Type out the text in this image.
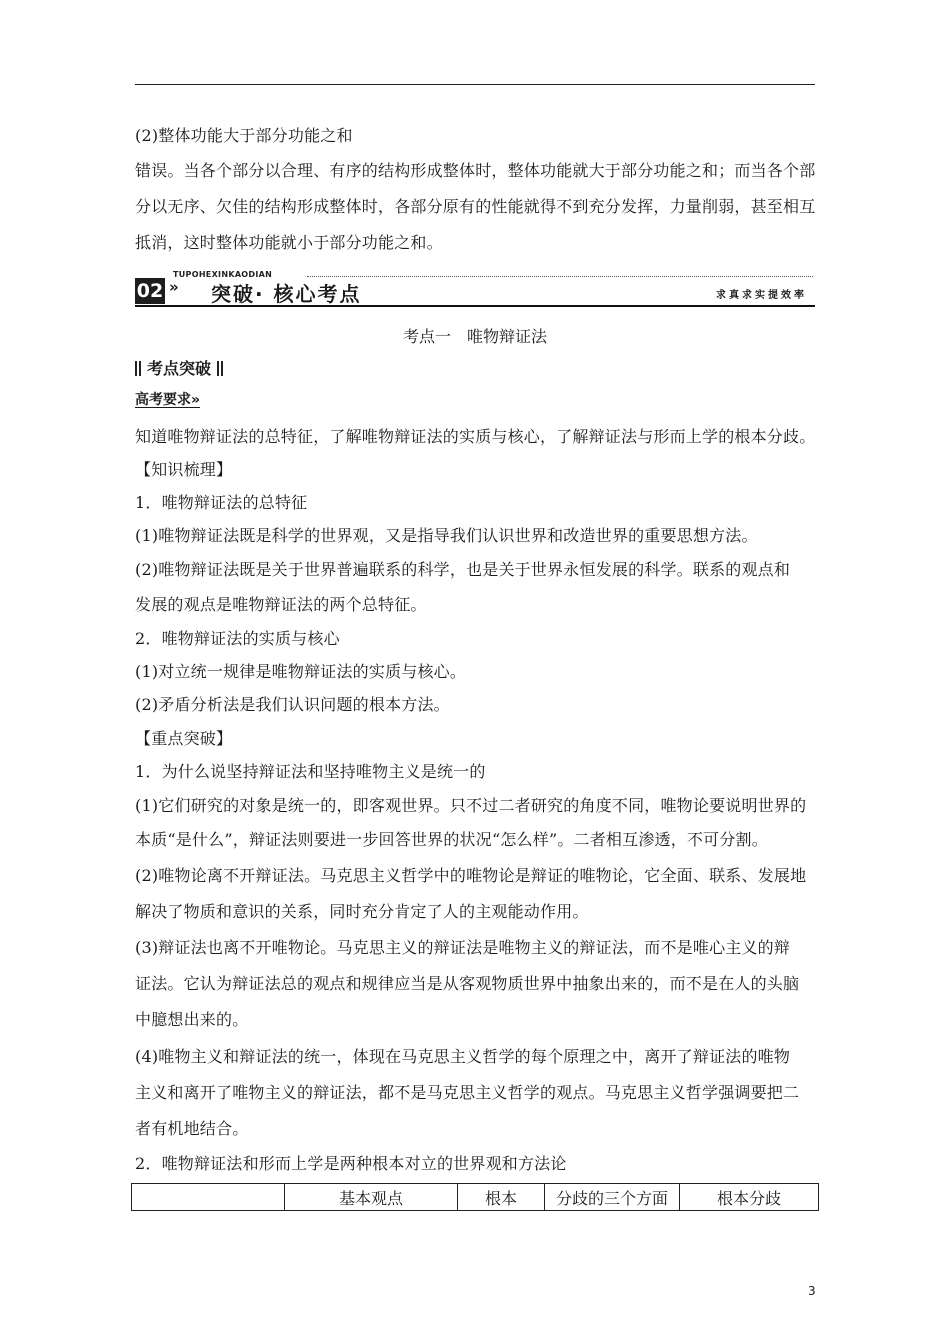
(2)整体功能大于部分功能之和
错误。当各个部分以合理、有序的结构形成整体时，整体功能就大于部分功能之和；而当各个部
分以无序、欠佳的结构形成整体时，各部分原有的性能就得不到充分发挥，力量削弱，甚至相互
抵消，这时整体功能就小于部分功能之和。
TUPOHEXINKAODIAN
02 » 突破· 核心考点	求真求实提效率
考点一　唯物辩证法
考点突破
高考要求»
知道唯物辩证法的总特征，了解唯物辩证法的实质与核心，了解辩证法与形而上学的根本分歧。
【知识梳理】
1．唯物辩证法的总特征
(1)唯物辩证法既是科学的世界观，又是指导我们认识世界和改造世界的重要思想方法。
(2)唯物辩证法既是关于世界普遍联系的科学，也是关于世界永恒发展的科学。联系的观点和
发展的观点是唯物辩证法的两个总特征。
2．唯物辩证法的实质与核心
(1)对立统一规律是唯物辩证法的实质与核心。
(2)矛盾分析法是我们认识问题的根本方法。
【重点突破】
1．为什么说坚持辩证法和坚持唯物主义是统一的
(1)它们研究的对象是统一的，即客观世界。只不过二者研究的角度不同，唯物论要说明世界的
本质“是什么”，辩证法则要进一步回答世界的状况“怎么样”。二者相互渗透，不可分割。
(2)唯物论离不开辩证法。马克思主义哲学中的唯物论是辩证的唯物论，它全面、联系、发展地
解决了物质和意识的关系，同时充分肯定了人的主观能动作用。
(3)辩证法也离不开唯物论。马克思主义的辩证法是唯物主义的辩证法，而不是唯心主义的辩
证法。它认为辩证法总的观点和规律应当是从客观物质世界中抽象出来的，而不是在人的头脑
中臆想出来的。
(4)唯物主义和辩证法的统一，体现在马克思主义哲学的每个原理之中，离开了辩证法的唯物
主义和离开了唯物主义的辩证法，都不是马克思主义哲学的观点。马克思主义哲学强调要把二
者有机地结合。
2．唯物辩证法和形而上学是两种根本对立的世界观和方法论
	基本观点	根本	分歧的三个方面	根本分歧
3
